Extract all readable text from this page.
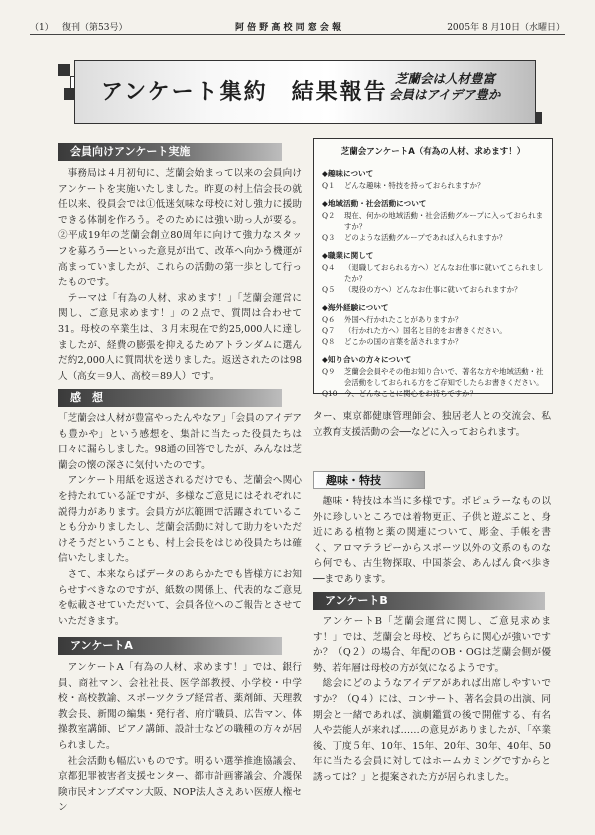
（1） 復刊（第53号）	阿 倍 野 高 校 同 窓 会 報	2005年 8 月10日（水曜日）
アンケート集約　結果報告
芝蘭会は人材豊富
会員はアイデア豊か
会員向けアンケート実施

事務局は４月初旬に、芝蘭会始まって以来の会員向けアンケートを実施いたしました。昨夏の村上信会長の就任以来、役員会では①低迷気味な母校に対し強力に援助できる体制を作ろう。そのためには強い助っ人が要る。②平成19年の芝蘭会創立80周年に向けて強力なスタッフを募ろう──といった意見が出て、改革へ向かう機運が高まっていましたが、これらの活動の第一歩として行ったものです。

テーマは「有為の人材、求めます！」「芝蘭会運営に関し、ご意見求めます！」の２点で、質問は合わせて31。母校の卒業生は、３月末現在で約25,000人に達しましたが、経費の膨張を抑えるためアトランダムに選んだ約2,000人に質問状を送りました。返送されたのは98人（高女＝9人、高校＝89人）です。

感　想

「芝蘭会は人材が豊富やったんやなア」「会員のアイデアも豊かや」という感想を、集計に当たった役員たちは口々に漏らしました。98通の回答でしたが、みんなは芝蘭会の懐の深さに気付いたのです。

アンケート用紙を返送されるだけでも、芝蘭会へ関心を持たれている証ですが、多様なご意見にはそれぞれに説得力があります。会員方が広範囲で活躍されていることも分かりましたし、芝蘭会活動に対して助力をいただけそうだということも、村上会長をはじめ役員たちは確信いたしました。

さて、本来ならばデータのあらかたでも皆様方にお知らせすべきなのですが、紙数の関係上、代表的なご意見を転載させていただいて、会員各位へのご報告とさせていただきます。

アンケートA

アンケートA「有為の人材、求めます！」では、銀行員、商社マン、会社社長、医学部教授、小学校・中学校・高校教諭、スポーツクラブ経営者、薬剤師、天理教教会長、新聞の編集・発行者、府庁職員、広告マン、体操教室講師、ピアノ講師、設計士などの職種の方々が居られました。

社会活動も幅広いものです。明るい選挙推進協議会、京都犯罪被害者支援センター、都市計画審議会、介護保険市民オンブズマン大阪、NOP法人さえあい医療人権セン

芝蘭会アンケートA（有為の人材、求めます！）
◆趣味について
Q１	どんな趣味・特技を持っておられますか？
◆地域活動・社会活動について
Q２	現在、何かの地域活動・社会活動グループに入っておられますか？
Q３	どのような活動グループであれば入られますか？
◆職業に関して
Q４	（退職しておられる方へ）どんなお仕事に就いてこられましたか？
Q５	（現役の方へ）どんなお仕事に就いておられますか？
◆海外経験について
Q６	外国へ行かれたことがありますか？
Q７	（行かれた方へ）国名と目的をお書きください。
Q８	どこかの国の言葉を話されますか？
◆知り合いの方々について
Q９	芝蘭会会員やその他お知り合いで、著名な方や地域活動・社会活動をしておられる方をご存知でしたらお書きください。
Q10 今、どんなことに関心をお持ちですか？

ター、東京都健康管理師会、独居老人との交流会、私立教育支援活動の会──などに入っておられます。

趣味・特技

趣味・特技は本当に多様です。ポピュラーなもの以外に珍しいところでは着物更正、子供と遊ぶこと、身近にある植物と薬の関連について、彫金、手帳を書く、アロマテラピーからスポーツ以外の文系のものなら何でも、古生物探取、中国茶会、あんぱん食べ歩き──まであります。

アンケートB

アンケートB「芝蘭会運営に関し、ご意見求めます！」では、芝蘭会と母校、どちらに関心が強いですか？（Q２）の場合、年配のOB・OGは芝蘭会側が優勢、若年層は母校の方が気になるようです。

総会にどのようなアイデアがあれば出席しやすいですか？（Q４）には、コンサート、著名会員の出演、同期会と一緒であれば、演劇鑑賞の後で開催する、有名人や芸能人が来れば……の意見がありましたが、「卒業後、丁度５年、10年、15年、20年、30年、40年、50年に当たる会員に対してはホームカミングですからと誘っては？」と提案された方が居られました。
